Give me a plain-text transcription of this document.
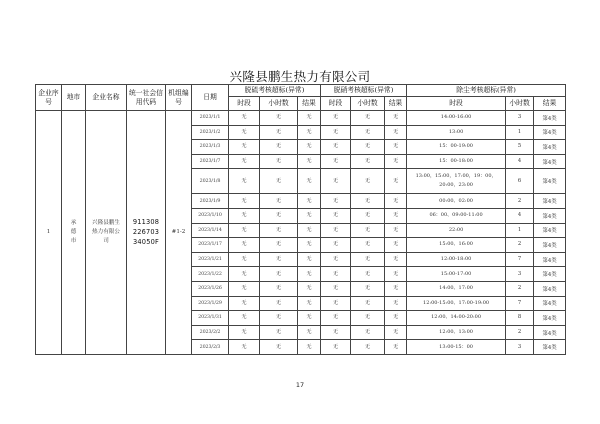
兴隆县鹏生热力有限公司
企业序号	地市	企业名称	统一社会信用代码	机组编号	日期	脱硫考核超标(异常)			脱硝考核超标(异常)			除尘考核超标(异常)		
						时段	小时数	结果	时段	小时数	结果	时段	小时数	结果
1	承德市	兴隆县鹏生热力有限公司	911308
226703
34050F	#1-2	2023/1/1	无	无	无	无	无	无	14:00-16:00	3	第4类
					2023/1/2	无	无	无	无	无	无	13:00	1	第4类
					2023/1/3	无	无	无	无	无	无	15：00-19:00	5	第4类
					2023/1/7	无	无	无	无	无	无	15：00-18:00	4	第4类
					2023/1/8	无	无	无	无	无	无	13:00，15:00，17:00，19：00，20:00，23:00	6	第4类
					2023/1/9	无	无	无	无	无	无	00:00、02:00	2	第4类
					2023/1/10	无	无	无	无	无	无	06：00、09:00-11:00	4	第4类
					2023/1/14	无	无	无	无	无	无	22:00	1	第4类
					2023/1/17	无	无	无	无	无	无	15:00、16:00	2	第4类
					2023/1/21	无	无	无	无	无	无	12:00-18:00	7	第4类
					2023/1/22	无	无	无	无	无	无	15:00-17:00	3	第4类
					2023/1/26	无	无	无	无	无	无	14:00、17:00	2	第4类
					2023/1/29	无	无	无	无	无	无	12:00-15:00、17:00-19:00	7	第4类
					2023/1/31	无	无	无	无	无	无	12:00、14:00-20:00	8	第4类
					2023/2/2	无	无	无	无	无	无	12:00、13:00	2	第4类
					2023/2/3	无	无	无	无	无	无	13:00-15：00	3	第4类
17
